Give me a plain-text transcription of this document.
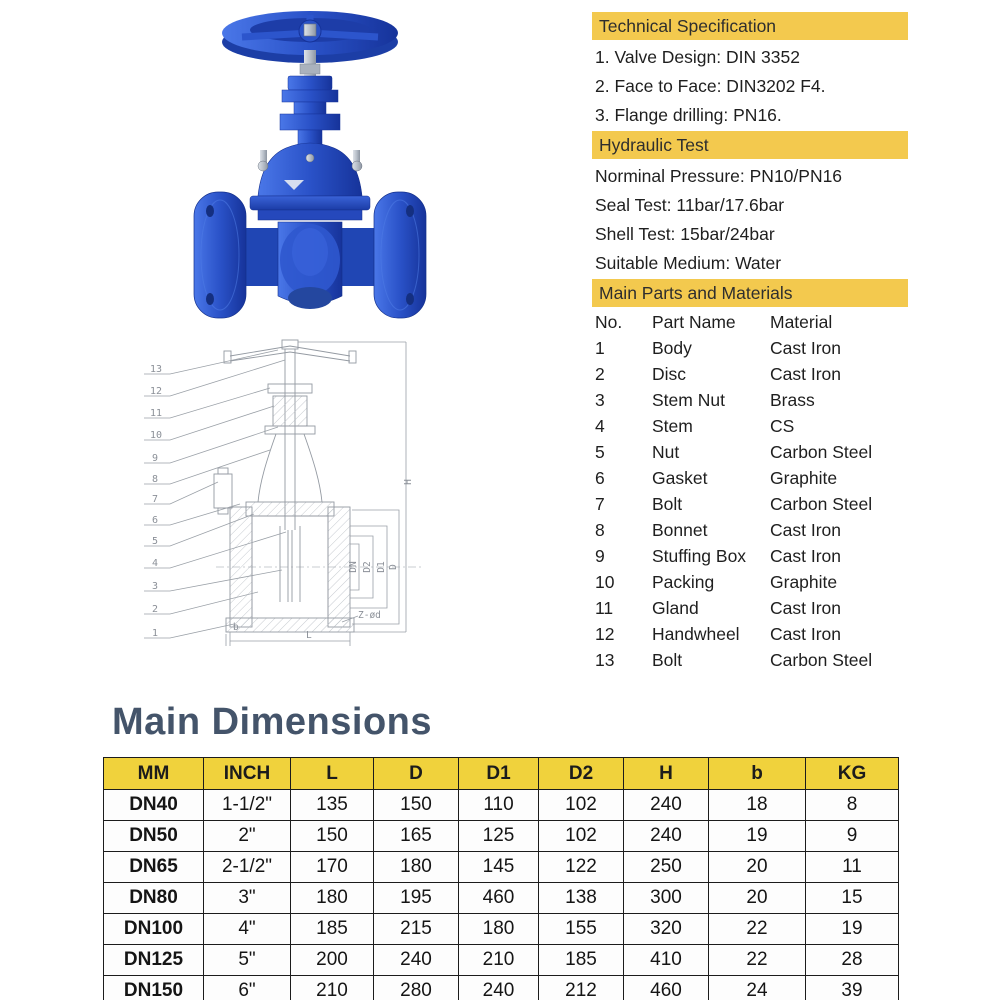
13
12
11
10
9
8
7
6
5
4
3
2
1
H
DN D2 D1 D
L
b
Z-ød
Technical Specification
1. Valve Design: DIN 3352
2. Face to Face: DIN3202 F4.
3. Flange drilling: PN16.
Hydraulic Test
Norminal Pressure: PN10/PN16
Seal Test: 11bar/17.6bar
Shell Test: 15bar/24bar
Suitable Medium: Water
Main Parts and Materials
No.	Part Name	Material
1	Body	Cast Iron
2	Disc	Cast Iron
3	Stem Nut	Brass
4	Stem	CS
5	Nut	Carbon Steel
6	Gasket	Graphite
7	Bolt	Carbon Steel
8	Bonnet	Cast Iron
9	Stuffing Box	Cast Iron
10	Packing	Graphite
11	Gland	Cast Iron
12	Handwheel	Cast Iron
13	Bolt	Carbon Steel
Main Dimensions
MM	INCH	L	D	D1	D2	H	b	KG
DN40	1-1/2"	135	150	110	102	240	18	8
DN50	2"	150	165	125	102	240	19	9
DN65	2-1/2"	170	180	145	122	250	20	11
DN80	3"	180	195	460	138	300	20	15
DN100	4"	185	215	180	155	320	22	19
DN125	5"	200	240	210	185	410	22	28
DN150	6"	210	280	240	212	460	24	39
